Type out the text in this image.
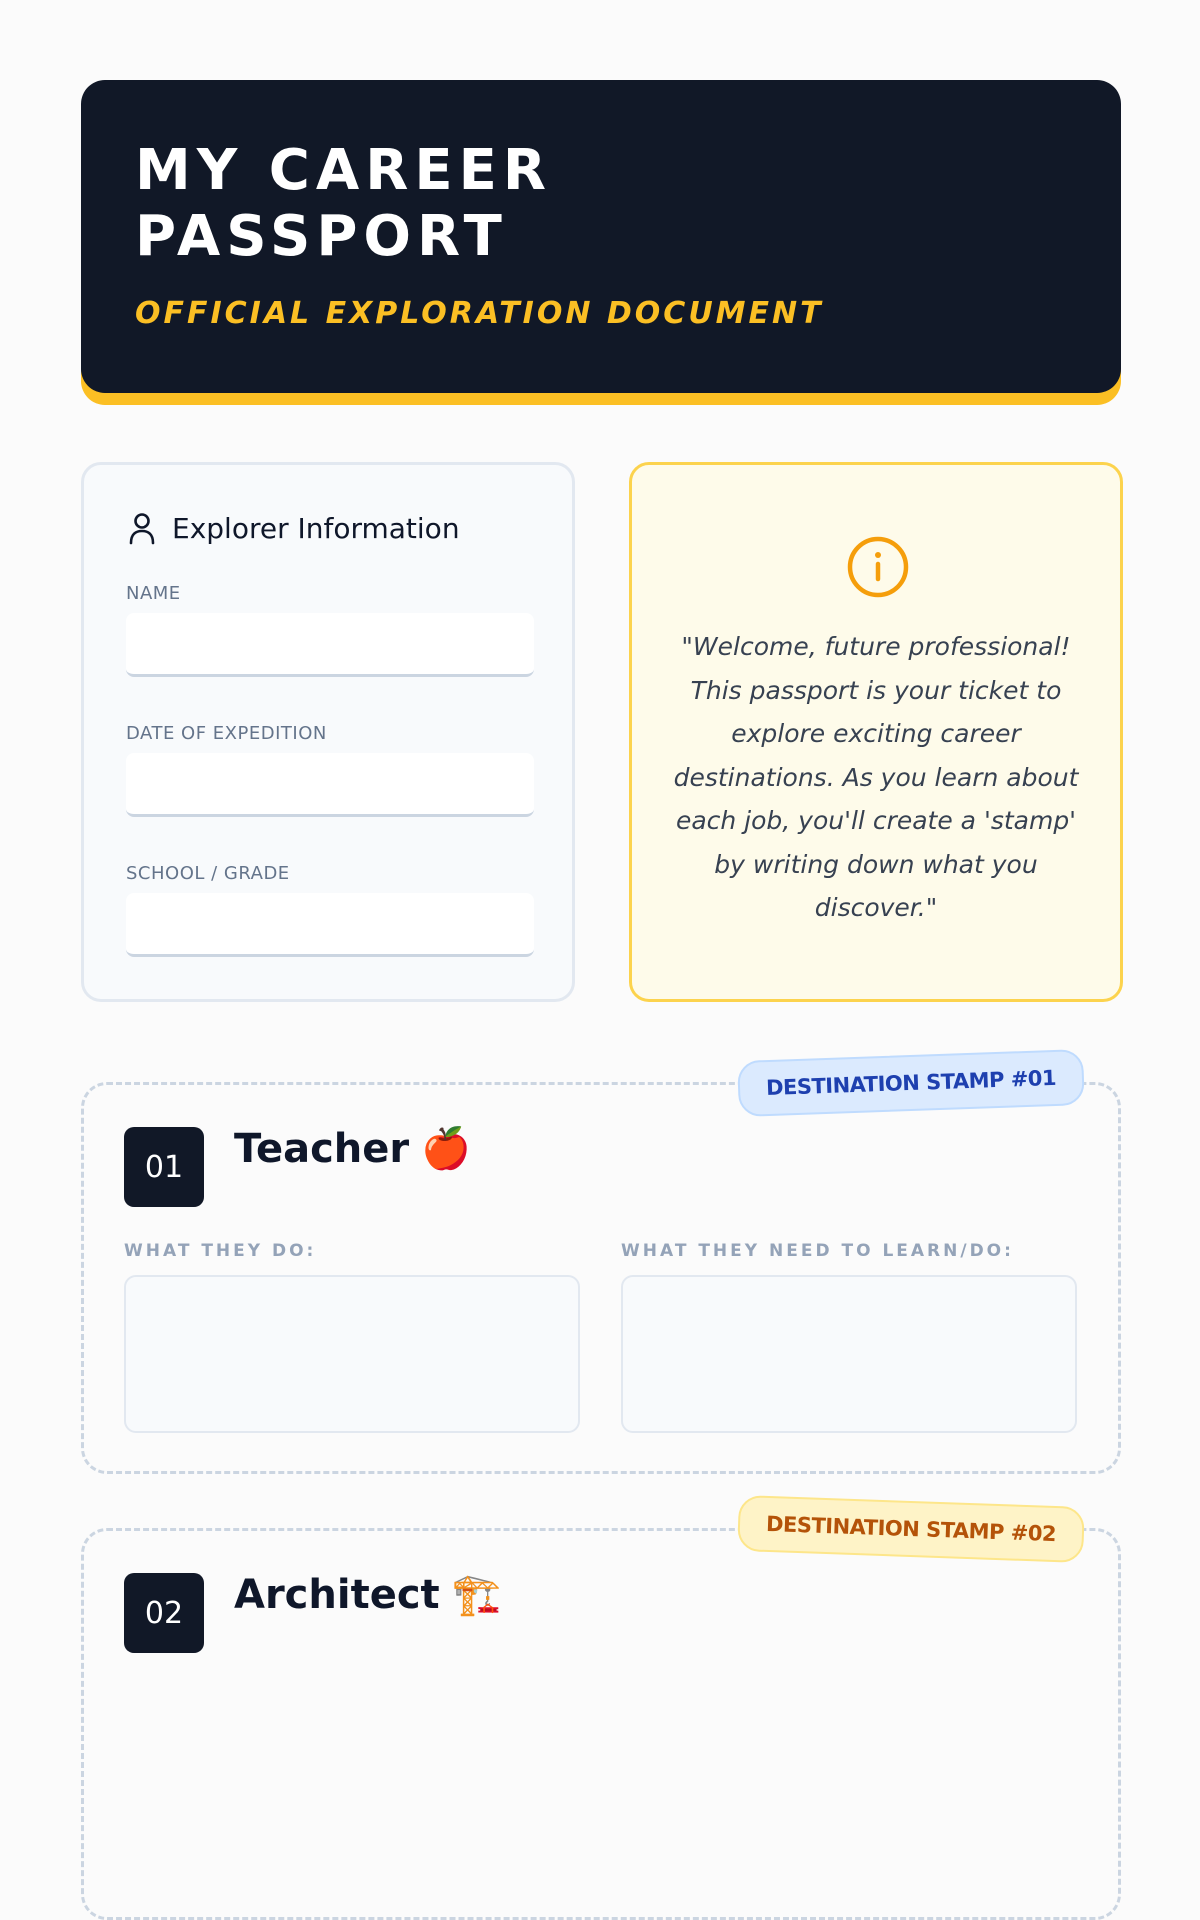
MY CAREER PASSPORT
OFFICIAL EXPLORATION DOCUMENT
Explorer Information
NAME
DATE OF EXPEDITION
SCHOOL / GRADE
"Welcome, future professional! This passport is your ticket to explore exciting career destinations. As you learn about each job, you'll create a 'stamp' by writing down what you discover."
DESTINATION STAMP #01
01	Teacher 🍎
WHAT THEY DO:	WHAT THEY NEED TO LEARN/DO:
DESTINATION STAMP #02
02	Architect 🏗️
